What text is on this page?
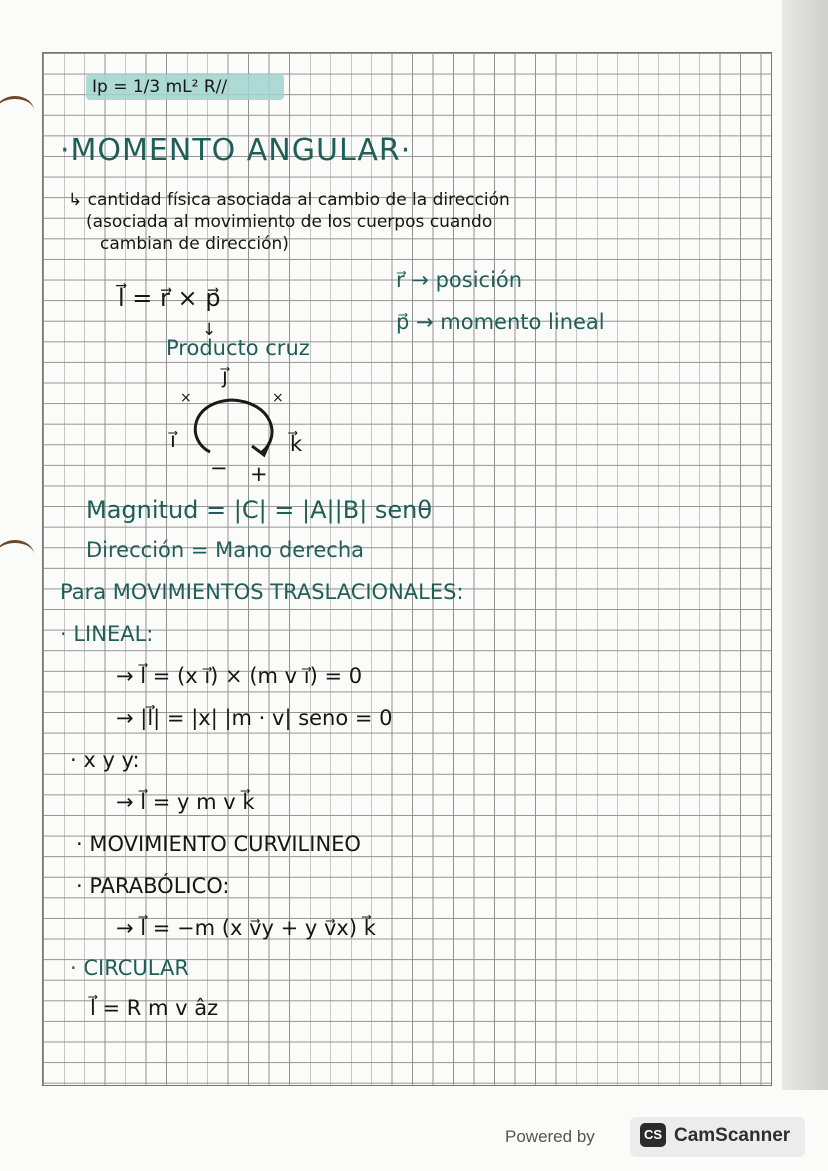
Ip = 1/3 mL² R//
·MOMENTO ANGULAR·
↳ cantidad física asociada al cambio de la dirección
(asociada al movimiento de los cuerpos cuando
cambian de dirección)
l⃗ = r⃗ × p⃗
↓
Producto cruz
r⃗ → posición
p⃗ → momento lineal
×	×
j⃗
i⃗	k⃗
− +
Magnitud = |C| = |A||B| senθ
Dirección = Mano derecha
Para MOVIMIENTOS TRASLACIONALES:
· LINEAL:
→ l⃗ = (x i⃗) × (m v i⃗) = 0
→ |l⃗| = |x| |m · v| seno = 0
· x y y:
→ l⃗ = y m v k⃗
· MOVIMIENTO CURVILINEO
· PARABÓLICO:
→ l⃗ = −m (x v⃗y + y v⃗x) k⃗
· CIRCULAR
l⃗ = R m v âz
Powered by	CS CamScanner
